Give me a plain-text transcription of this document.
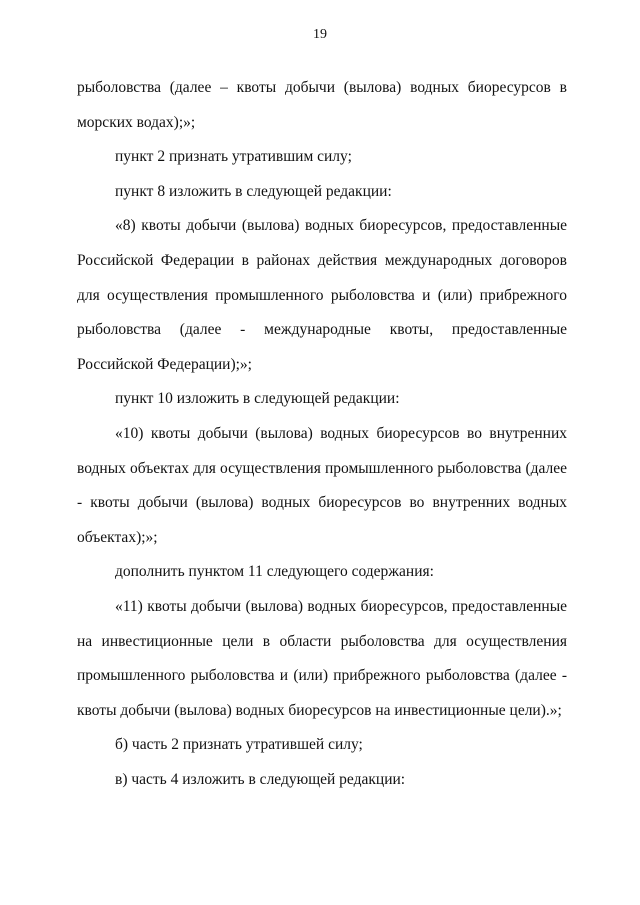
19

рыболовства (далее – квоты добычи (вылова) водных биоресурсов в морских водах);»;

пункт 2 признать утратившим силу;

пункт 8 изложить в следующей редакции:

«8) квоты добычи (вылова) водных биоресурсов, предоставленные Российской Федерации в районах действия международных договоров для осуществления промышленного рыболовства и (или) прибрежного рыболовства (далее - международные квоты, предоставленные Российской Федерации);»;

пункт 10 изложить в следующей редакции:

«10) квоты добычи (вылова) водных биоресурсов во внутренних водных объектах для осуществления промышленного рыболовства (далее - квоты добычи (вылова) водных биоресурсов во внутренних водных объектах);»;

дополнить пунктом 11 следующего содержания:

«11) квоты добычи (вылова) водных биоресурсов, предоставленные на инвестиционные цели в области рыболовства для осуществления промышленного рыболовства и (или) прибрежного рыболовства (далее - квоты добычи (вылова) водных биоресурсов на инвестиционные цели).»;

б) часть 2 признать утратившей силу;

в) часть 4 изложить в следующей редакции:
